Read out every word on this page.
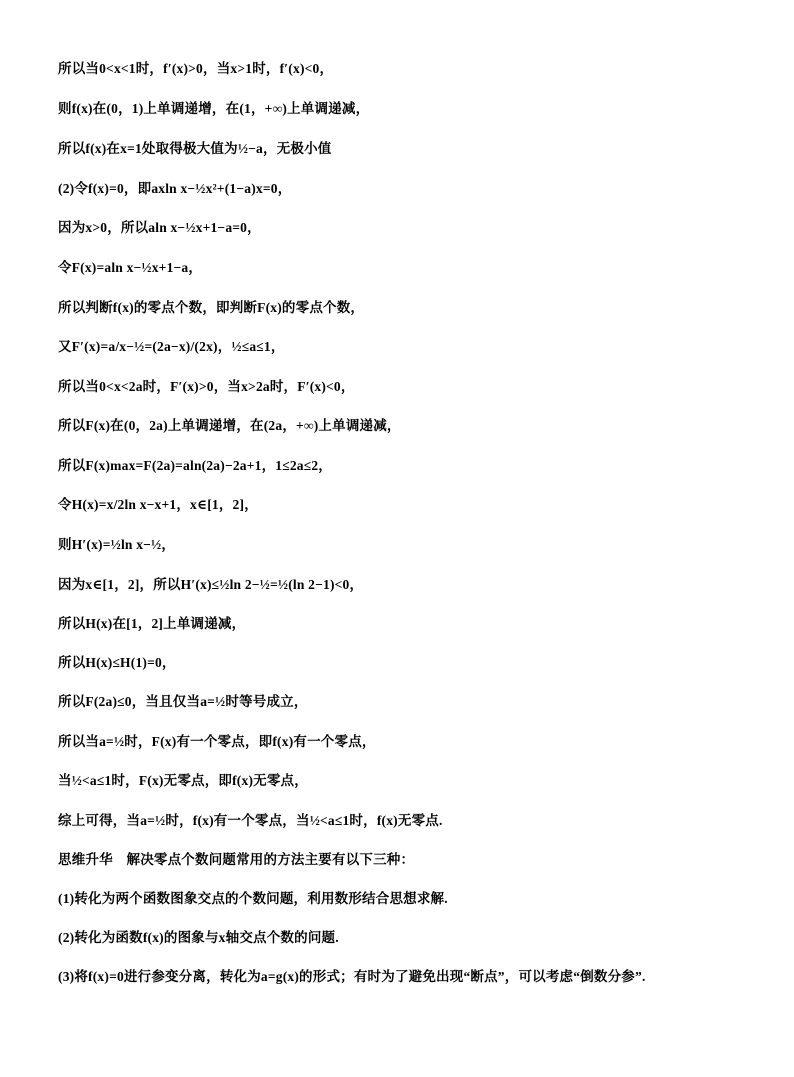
所以当0<x<1时，f′(x)>0，当x>1时，f′(x)<0，
则f(x)在(0，1)上单调递增，在(1，+∞)上单调递减，
所以f(x)在x=1处取得极大值为½−a，无极小值
(2)令f(x)=0，即axln x−½x²+(1−a)x=0，
因为x>0，所以aln x−½x+1−a=0，
令F(x)=aln x−½x+1−a，
所以判断f(x)的零点个数，即判断F(x)的零点个数，
又F′(x)=a/x−½=(2a−x)/(2x)，½≤a≤1，
所以当0<x<2a时，F′(x)>0，当x>2a时，F′(x)<0，
所以F(x)在(0，2a)上单调递增，在(2a，+∞)上单调递减，
所以F(x)max=F(2a)=aln(2a)−2a+1，1≤2a≤2，
令H(x)=x/2ln x−x+1，x∈[1，2]，
则H′(x)=½ln x−½，
因为x∈[1，2]，所以H′(x)≤½ln 2−½=½(ln 2−1)<0，
所以H(x)在[1，2]上单调递减，
所以H(x)≤H(1)=0，
所以F(2a)≤0，当且仅当a=½时等号成立，
所以当a=½时，F(x)有一个零点，即f(x)有一个零点，
当½<a≤1时，F(x)无零点，即f(x)无零点，
综上可得，当a=½时，f(x)有一个零点，当½<a≤1时，f(x)无零点.
思维升华　解决零点个数问题常用的方法主要有以下三种：
(1)转化为两个函数图象交点的个数问题，利用数形结合思想求解.
(2)转化为函数f(x)的图象与x轴交点个数的问题.
(3)将f(x)=0进行参变分离，转化为a=g(x)的形式；有时为了避免出现“断点”，可以考虑“倒数分参”.
